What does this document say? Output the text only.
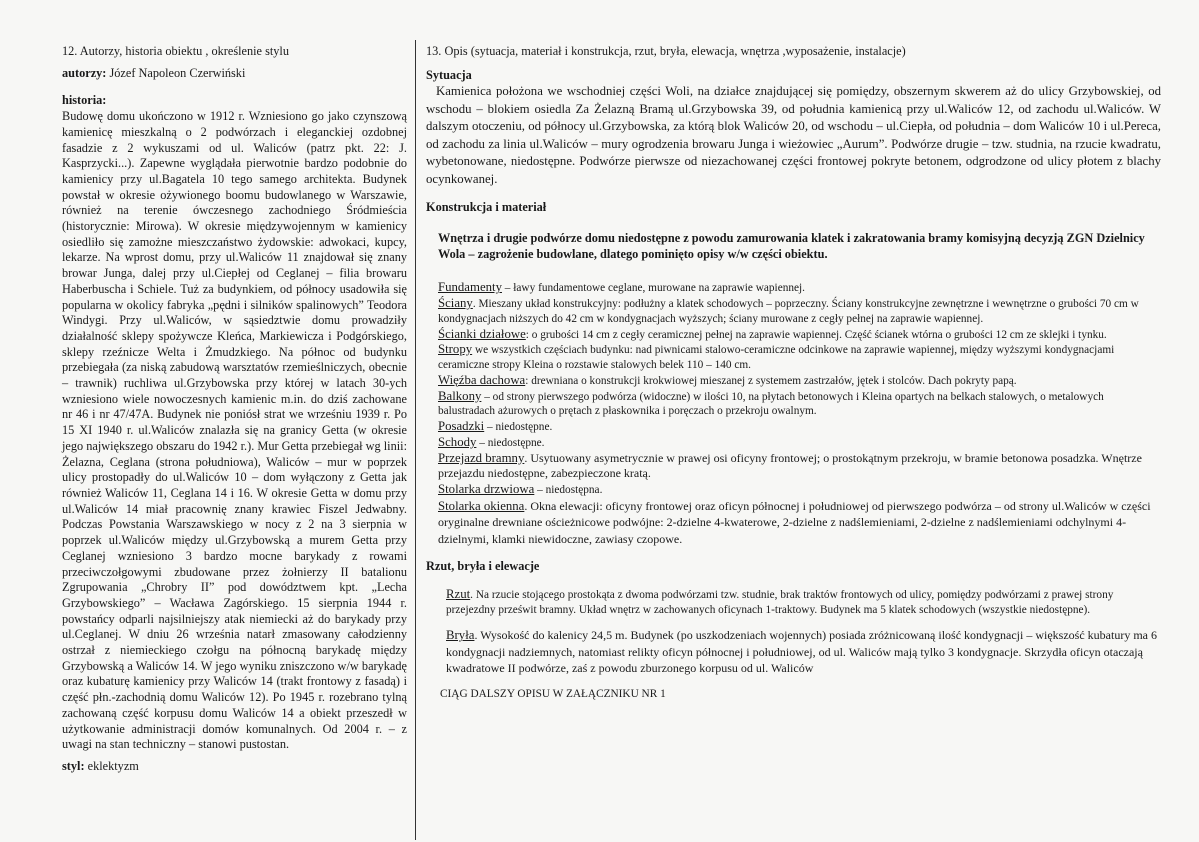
12. Autorzy, historia obiektu , określenie stylu

autorzy: Józef Napoleon Czerwiński

historia:

Budowę domu ukończono w 1912 r. Wzniesiono go jako czynszową kamienicę mieszkalną o 2 podwórzach i eleganckiej ozdobnej fasadzie z 2 wykuszami od ul. Waliców (patrz pkt. 22: J. Kasprzycki...). Zapewne wyglądała pierwotnie bardzo podobnie do kamienicy przy ul.Bagatela 10 tego samego architekta. Budynek powstał w okresie ożywionego boomu budowlanego w Warszawie, również na terenie ówczesnego zachodniego Śródmieścia (historycznie: Mirowa). W okresie międzywojennym w kamienicy osiedliło się zamożne mieszczaństwo żydowskie: adwokaci, kupcy, lekarze. Na wprost domu, przy ul.Waliców 11 znajdował się znany browar Junga, dalej przy ul.Ciepłej od Ceglanej – filia browaru Haberbuscha i Schiele. Tuż za budynkiem, od północy usadowiła się popularna w okolicy fabryka „pędni i silników spalinowych” Teodora Windygi. Przy ul.Waliców, w sąsiedztwie domu prowadziły działalność sklepy spożywcze Kleńca, Markiewicza i Podgórskiego, sklepy rzeźnicze Welta i Żmudzkiego. Na północ od budynku przebiegała (za niską zabudową warsztatów rzemieślniczych, obecnie – trawnik) ruchliwa ul.Grzybowska przy której w latach 30-ych wzniesiono wiele nowoczesnych kamienic m.in. do dziś zachowane nr 46 i nr 47/47A. Budynek nie poniósł strat we wrześniu 1939 r. Po 15 XI 1940 r. ul.Waliców znalazła się na granicy Getta (w okresie jego największego obszaru do 1942 r.). Mur Getta przebiegał wg linii: Żelazna, Ceglana (strona południowa), Waliców – mur w poprzek ulicy prostopadły do ul.Waliców 10 – dom wyłączony z Getta jak również Waliców 11, Ceglana 14 i 16. W okresie Getta w domu przy ul.Waliców 14 miał pracownię znany krawiec Fiszel Jedwabny. Podczas Powstania Warszawskiego w nocy z 2 na 3 sierpnia w poprzek ul.Waliców między ul.Grzybowską a murem Getta przy Ceglanej wzniesiono 3 bardzo mocne barykady z rowami przeciwczołgowymi zbudowane przez żołnierzy II batalionu Zgrupowania „Chrobry II” pod dowództwem kpt. „Lecha Grzybowskiego” – Wacława Zagórskiego. 15 sierpnia 1944 r. powstańcy odparli najsilniejszy atak niemiecki aż do barykady przy ul.Ceglanej. W dniu 26 września natarł zmasowany całodzienny ostrzał z niemieckiego czołgu na północną barykadę między Grzybowską a Waliców 14. W jego wyniku zniszczono w/w barykadę oraz kubaturę kamienicy przy Waliców 14 (trakt frontowy z fasadą) i część płn.-zachodnią domu Waliców 12). Po 1945 r. rozebrano tylną zachowaną część korpusu domu Waliców 14 a obiekt przeszedł w użytkowanie administracji domów komunalnych. Od 2004 r. – z uwagi na stan techniczny – stanowi pustostan.

styl: eklektyzm

13. Opis (sytuacja, materiał i konstrukcja, rzut, bryła, elewacja, wnętrza ,wyposażenie, instalacje)

Sytuacja

Kamienica położona we wschodniej części Woli, na działce znajdującej się pomiędzy, obszernym skwerem aż do ulicy Grzybowskiej, od wschodu – blokiem osiedla Za Żelazną Bramą ul.Grzybowska 39, od południa kamienicą przy ul.Waliców 12, od zachodu ul.Waliców. W dalszym otoczeniu, od północy ul.Grzybowska, za którą blok Waliców 20, od wschodu – ul.Ciepła, od południa – dom Waliców 10 i ul.Pereca, od zachodu za linia ul.Waliców – mury ogrodzenia browaru Junga i wieżowiec „Aurum”. Podwórze drugie – tzw. studnia, na rzucie kwadratu, wybetonowane, niedostępne. Podwórze pierwsze od niezachowanej części frontowej pokryte betonem, odgrodzone od ulicy płotem z blachy ocynkowanej.

Konstrukcja i materiał

Wnętrza i drugie podwórze domu niedostępne z powodu zamurowania klatek i zakratowania bramy komisyjną decyzją ZGN Dzielnicy Wola – zagrożenie budowlane, dlatego pominięto opisy w/w części obiektu.

Fundamenty – ławy fundamentowe ceglane, murowane na zaprawie wapiennej.

Ściany. Mieszany układ konstrukcyjny: podłużny a klatek schodowych – poprzeczny. Ściany konstrukcyjne zewnętrzne i wewnętrzne o grubości 70 cm w kondygnacjach niższych do 42 cm w kondygnacjach wyższych; ściany murowane z cegły pełnej na zaprawie wapiennej.

Ścianki działowe: o grubości 14 cm z cegły ceramicznej pełnej na zaprawie wapiennej. Część ścianek wtórna o grubości 12 cm ze sklejki i tynku.

Stropy we wszystkich częściach budynku: nad piwnicami stalowo-ceramiczne odcinkowe na zaprawie wapiennej, między wyższymi kondygnacjami ceramiczne stropy Kleina o rozstawie stalowych belek 110 – 140 cm.

Więźba dachowa: drewniana o konstrukcji krokwiowej mieszanej z systemem zastrzałów, jętek i stolców. Dach pokryty papą.

Balkony – od strony pierwszego podwórza (widoczne) w ilości 10, na płytach betonowych i Kleina opartych na belkach stalowych, o metalowych balustradach ażurowych o prętach z płaskownika i poręczach o przekroju owalnym.

Posadzki – niedostępne.

Schody – niedostępne.

Przejazd bramny. Usytuowany asymetrycznie w prawej osi oficyny frontowej; o prostokątnym przekroju, w bramie betonowa posadzka. Wnętrze przejazdu niedostępne, zabezpieczone kratą.

Stolarka drzwiowa – niedostępna.

Stolarka okienna. Okna elewacji: oficyny frontowej oraz oficyn północnej i południowej od pierwszego podwórza – od strony ul.Waliców w części oryginalne drewniane ościeżnicowe podwójne: 2-dzielne 4-kwaterowe, 2-dzielne z nadślemieniami, 2-dzielne z nadślemieniami odchylnymi 4-dzielnymi, klamki niewidoczne, zawiasy czopowe.

Rzut, bryła i elewacje

Rzut. Na rzucie stojącego prostokąta z dwoma podwórzami tzw. studnie, brak traktów frontowych od ulicy, pomiędzy podwórzami z prawej strony przejezdny prześwit bramny. Układ wnętrz w zachowanych oficynach 1-traktowy. Budynek ma 5 klatek schodowych (wszystkie niedostępne).

Bryła. Wysokość do kalenicy 24,5 m. Budynek (po uszkodzeniach wojennych) posiada zróżnicowaną ilość kondygnacji – większość kubatury ma 6 kondygnacji nadziemnych, natomiast relikty oficyn północnej i południowej, od ul. Waliców mają tylko 3 kondygnacje. Skrzydła oficyn otaczają kwadratowe II podwórze, zaś z powodu zburzonego korpusu od ul. Waliców

CIĄG DALSZY OPISU W ZAŁĄCZNIKU NR 1
